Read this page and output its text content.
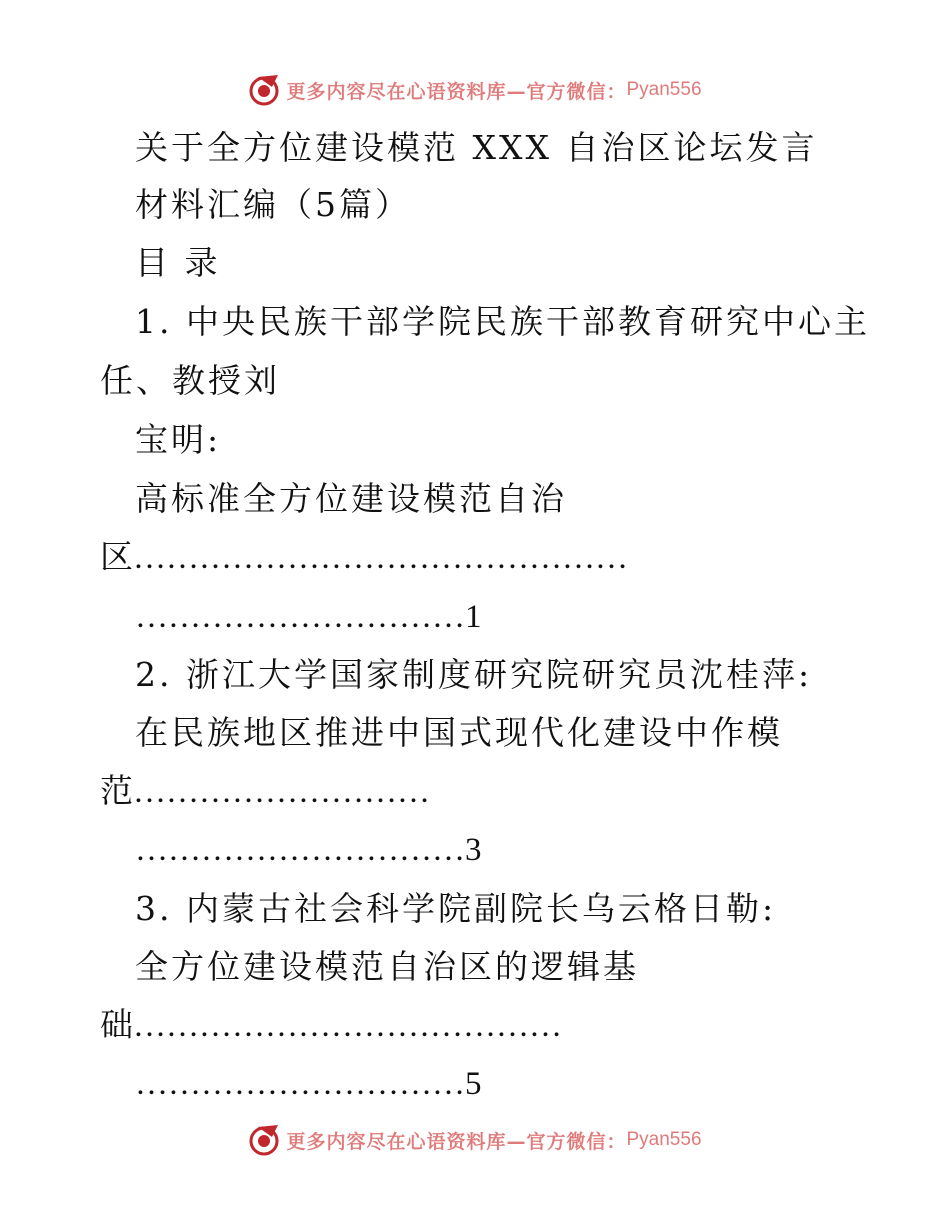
更多内容尽在心语资料库—官方微信： Pyan556
关于全方位建设模范 XXX 自治区论坛发言
材料汇编（5篇）
目 录
1. 中央民族干部学院民族干部教育研究中心主
任、教授刘
宝明:
高标准全方位建设模范自治
区………………………………………
…………………………1
2. 浙江大学国家制度研究院研究员沈桂萍:
在民族地区推进中国式现代化建设中作模
范………………………
…………………………3
3. 内蒙古社会科学院副院长乌云格日勒:
全方位建设模范自治区的逻辑基
础…………………………………
…………………………5
更多内容尽在心语资料库—官方微信： Pyan556
